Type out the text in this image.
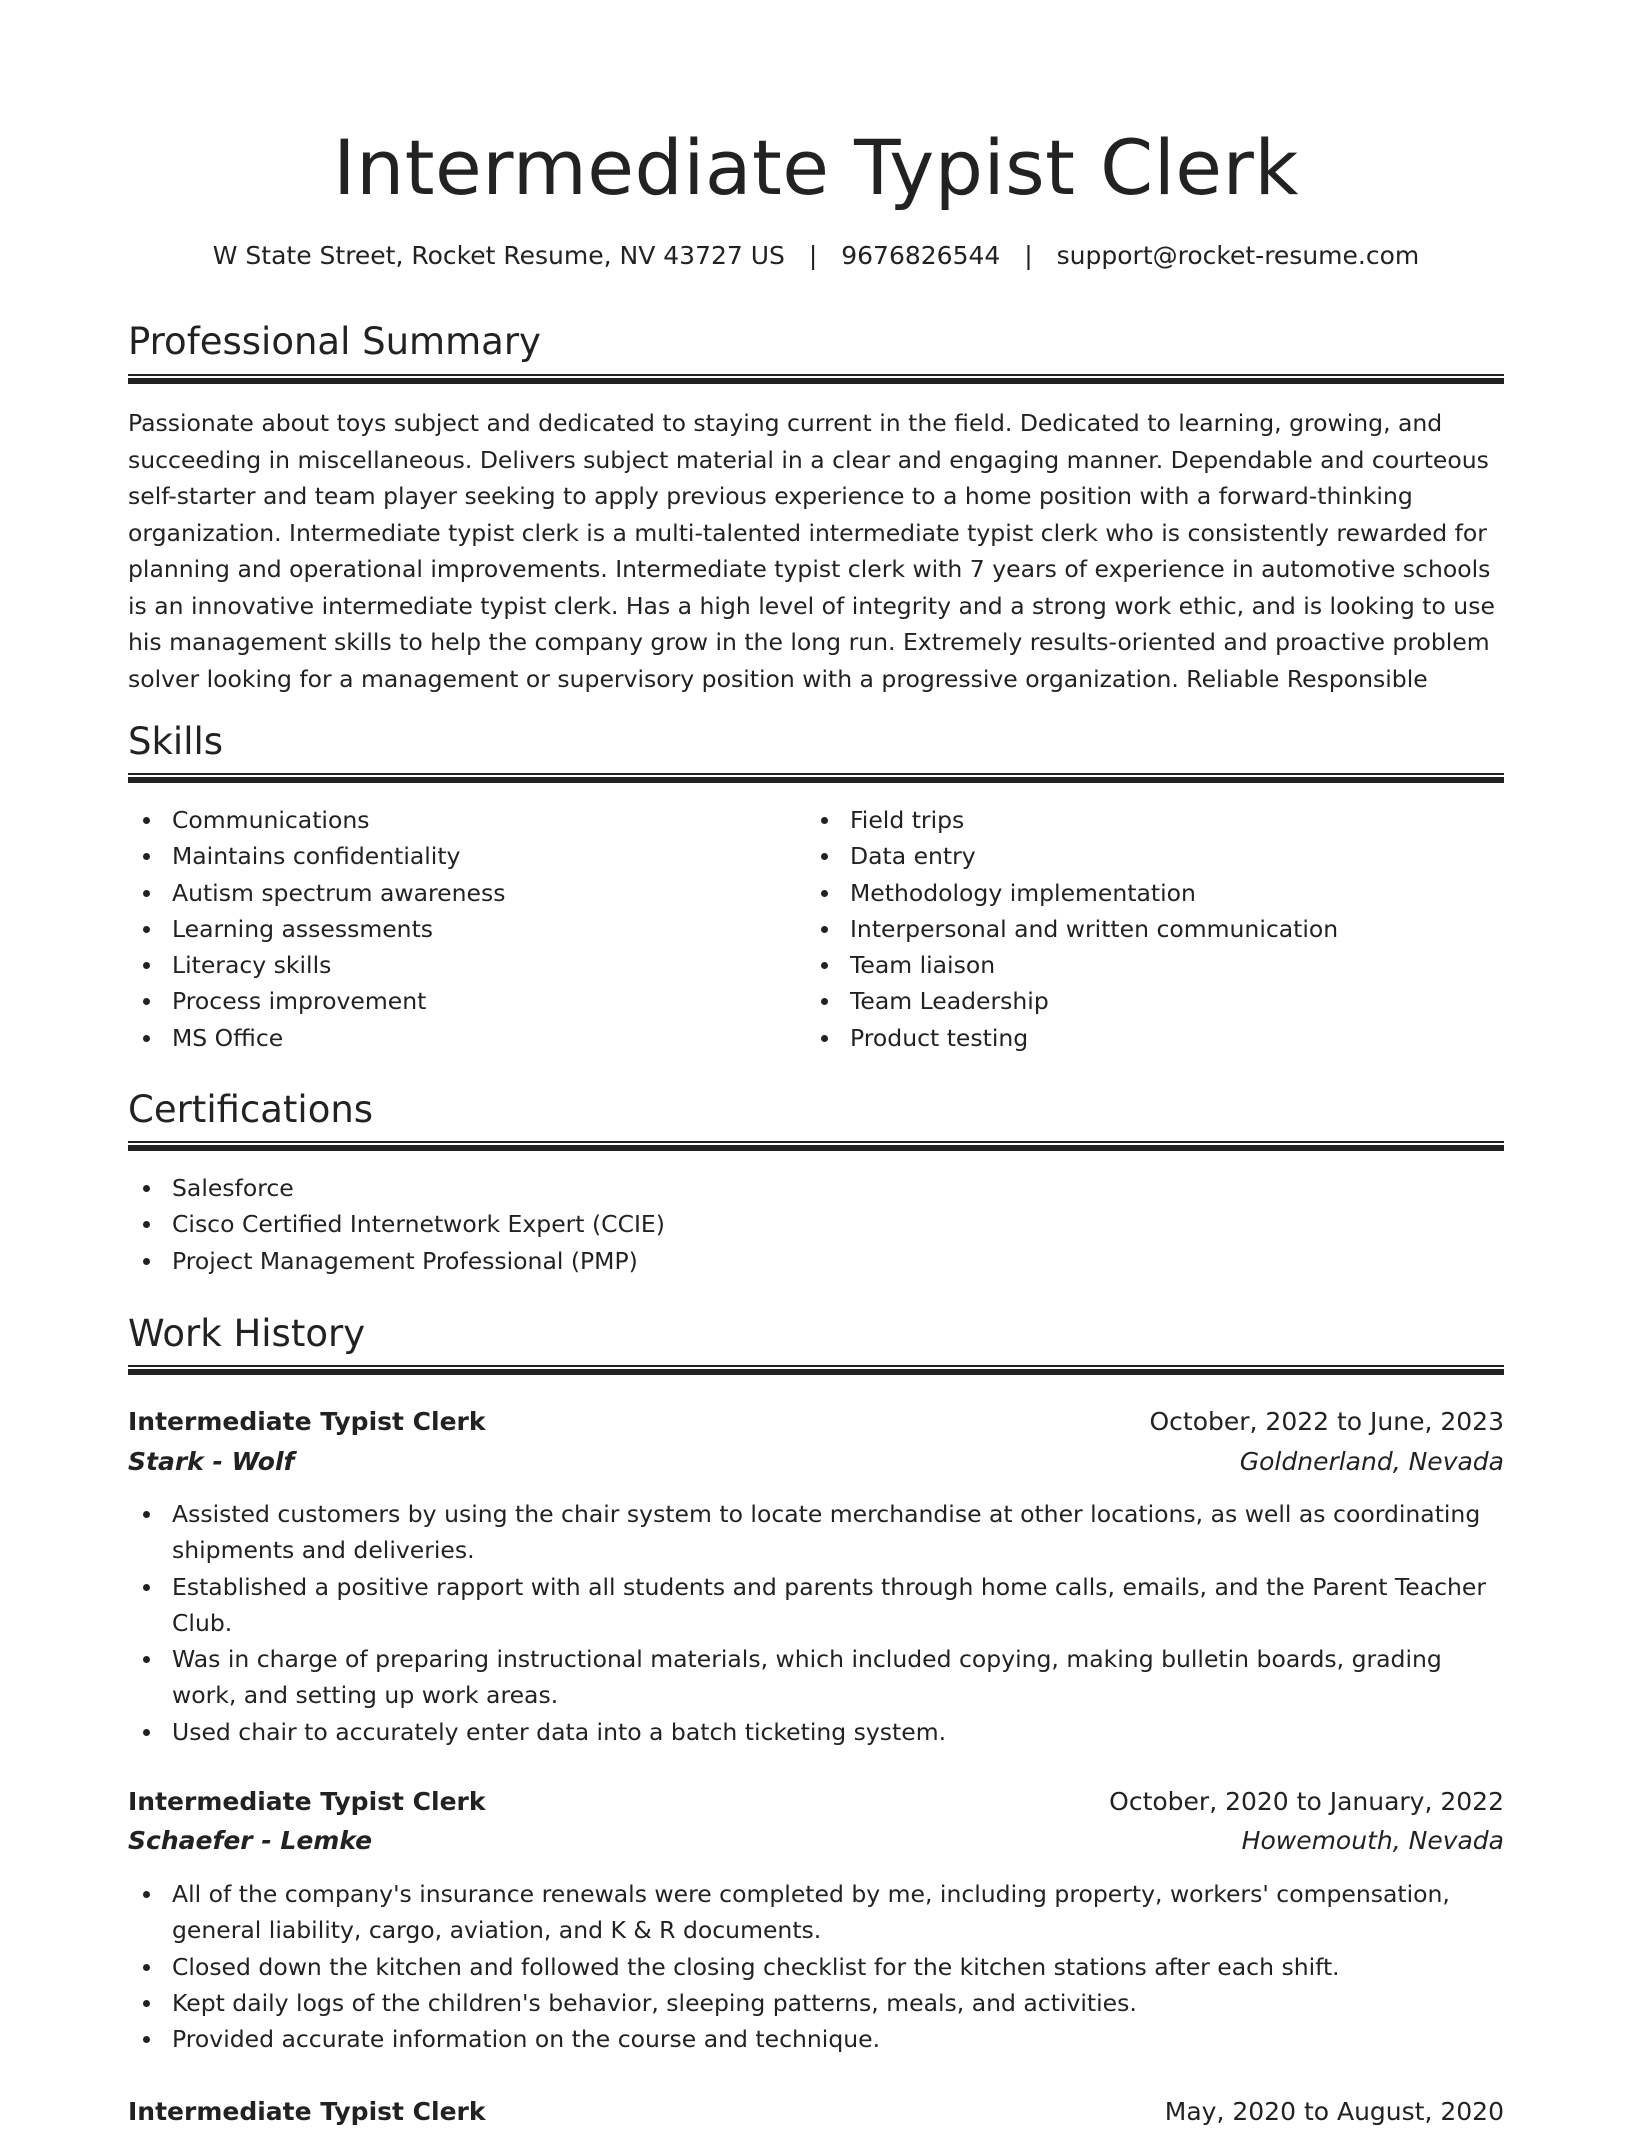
Intermediate Typist Clerk
W State Street, Rocket Resume, NV 43727 US | 9676826544 | support@rocket-resume.com
Professional Summary

Passionate about toys subject and dedicated to staying current in the field. Dedicated to learning, growing, and succeeding in miscellaneous. Delivers subject material in a clear and engaging manner. Dependable and courteous self-starter and team player seeking to apply previous experience to a home position with a forward-thinking organization. Intermediate typist clerk is a multi-talented intermediate typist clerk who is consistently rewarded for planning and operational improvements. Intermediate typist clerk with 7 years of experience in automotive schools is an innovative intermediate typist clerk. Has a high level of integrity and a strong work ethic, and is looking to use his management skills to help the company grow in the long run. Extremely results-oriented and proactive problem solver looking for a management or supervisory position with a progressive organization. Reliable Responsible

Skills
Communications
Maintains confidentiality
Autism spectrum awareness
Learning assessments
Literacy skills
Process improvement
MS Office
Field trips
Data entry
Methodology implementation
Interpersonal and written communication
Team liaison
Team Leadership
Product testing
Certifications
Salesforce
Cisco Certified Internetwork Expert (CCIE)
Project Management Professional (PMP)
Work History
Intermediate Typist Clerk	October, 2022 to June, 2023
Stark - Wolf	Goldnerland, Nevada
Assisted customers by using the chair system to locate merchandise at other locations, as well as coordinating shipments and deliveries.
Established a positive rapport with all students and parents through home calls, emails, and the Parent Teacher Club.
Was in charge of preparing instructional materials, which included copying, making bulletin boards, grading work, and setting up work areas.
Used chair to accurately enter data into a batch ticketing system.
Intermediate Typist Clerk	October, 2020 to January, 2022
Schaefer - Lemke	Howemouth, Nevada
All of the company's insurance renewals were completed by me, including property, workers' compensation, general liability, cargo, aviation, and K & R documents.
Closed down the kitchen and followed the closing checklist for the kitchen stations after each shift.
Kept daily logs of the children's behavior, sleeping patterns, meals, and activities.
Provided accurate information on the course and technique.
Intermediate Typist Clerk	May, 2020 to August, 2020
